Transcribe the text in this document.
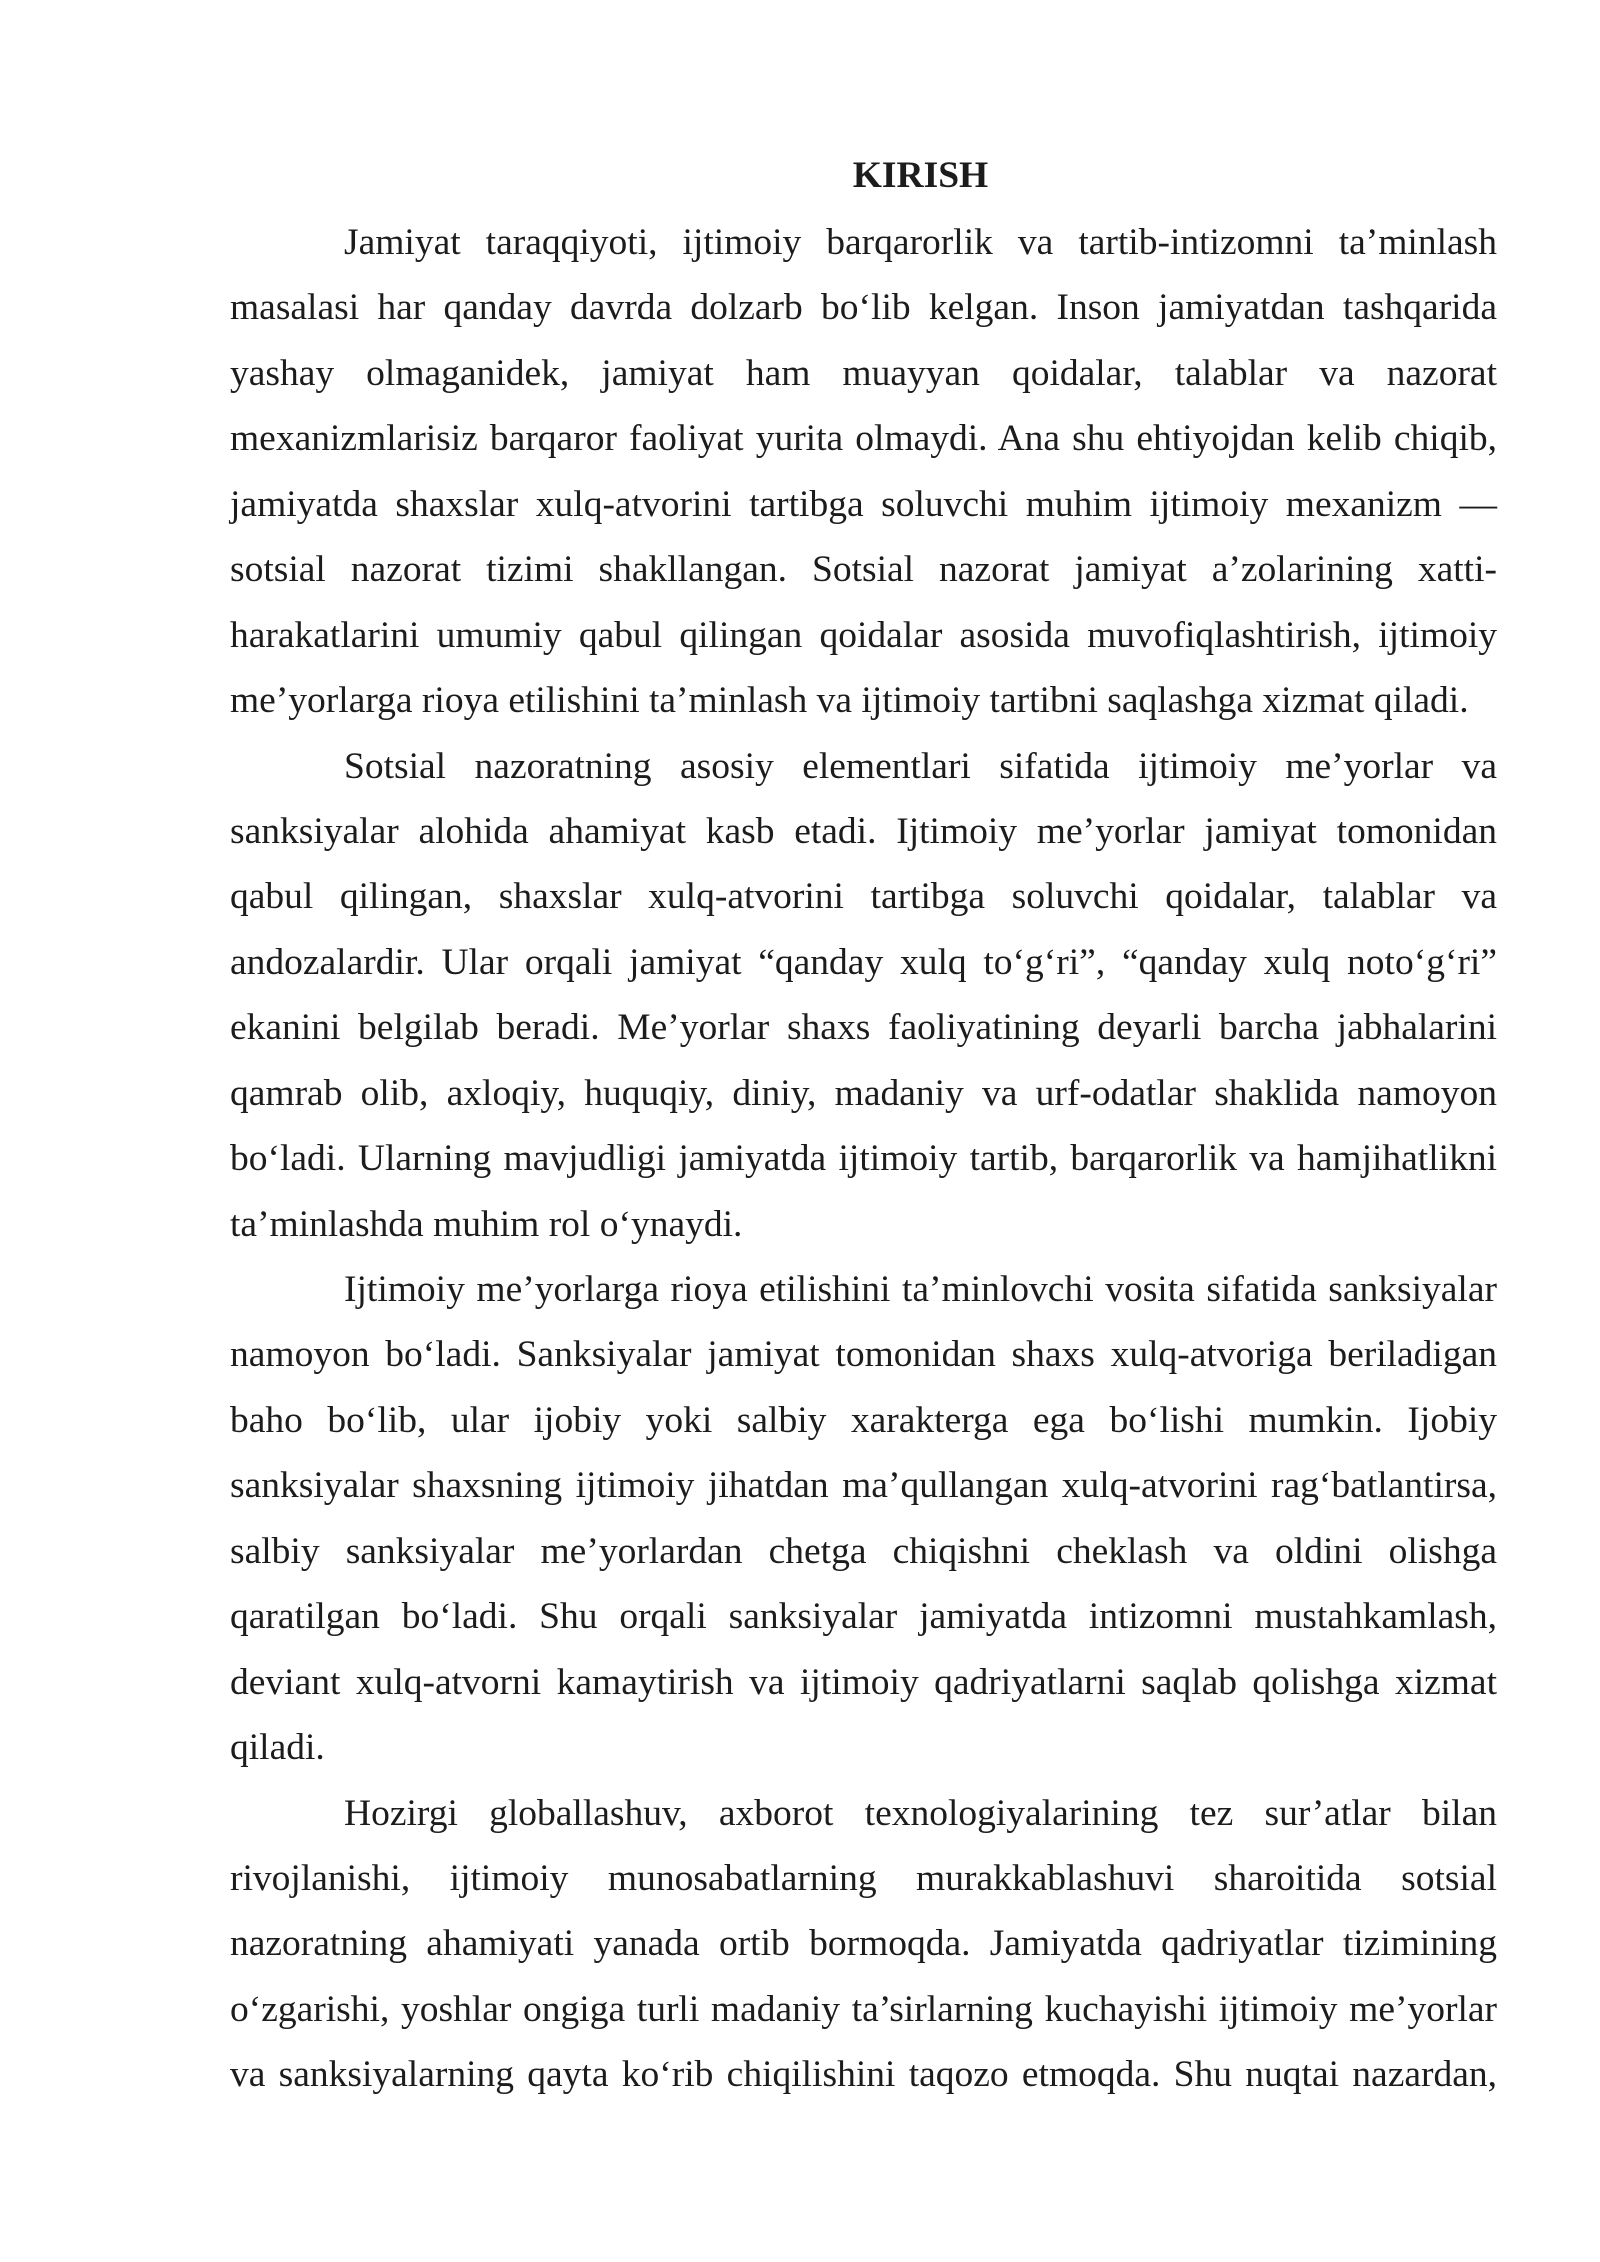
KIRISH
Jamiyat taraqqiyoti, ijtimoiy barqarorlik va tartib-intizomni ta’minlash
masalasi har qanday davrda dolzarb bo‘lib kelgan. Inson jamiyatdan tashqarida
yashay olmaganidek, jamiyat ham muayyan qoidalar, talablar va nazorat
mexanizmlarisiz barqaror faoliyat yurita olmaydi. Ana shu ehtiyojdan kelib chiqib,
jamiyatda shaxslar xulq-atvorini tartibga soluvchi muhim ijtimoiy mexanizm —
sotsial nazorat tizimi shakllangan. Sotsial nazorat jamiyat a’zolarining xatti-
harakatlarini umumiy qabul qilingan qoidalar asosida muvofiqlashtirish, ijtimoiy
me’yorlarga rioya etilishini ta’minlash va ijtimoiy tartibni saqlashga xizmat qiladi.
Sotsial nazoratning asosiy elementlari sifatida ijtimoiy me’yorlar va
sanksiyalar alohida ahamiyat kasb etadi. Ijtimoiy me’yorlar jamiyat tomonidan
qabul qilingan, shaxslar xulq-atvorini tartibga soluvchi qoidalar, talablar va
andozalardir. Ular orqali jamiyat “qanday xulq to‘g‘ri”, “qanday xulq noto‘g‘ri”
ekanini belgilab beradi. Me’yorlar shaxs faoliyatining deyarli barcha jabhalarini
qamrab olib, axloqiy, huquqiy, diniy, madaniy va urf-odatlar shaklida namoyon
bo‘ladi. Ularning mavjudligi jamiyatda ijtimoiy tartib, barqarorlik va hamjihatlikni
ta’minlashda muhim rol o‘ynaydi.
Ijtimoiy me’yorlarga rioya etilishini ta’minlovchi vosita sifatida sanksiyalar
namoyon bo‘ladi. Sanksiyalar jamiyat tomonidan shaxs xulq-atvoriga beriladigan
baho bo‘lib, ular ijobiy yoki salbiy xarakterga ega bo‘lishi mumkin. Ijobiy
sanksiyalar shaxsning ijtimoiy jihatdan ma’qullangan xulq-atvorini rag‘batlantirsa,
salbiy sanksiyalar me’yorlardan chetga chiqishni cheklash va oldini olishga
qaratilgan bo‘ladi. Shu orqali sanksiyalar jamiyatda intizomni mustahkamlash,
deviant xulq-atvorni kamaytirish va ijtimoiy qadriyatlarni saqlab qolishga xizmat
qiladi.
Hozirgi globallashuv, axborot texnologiyalarining tez sur’atlar bilan
rivojlanishi, ijtimoiy munosabatlarning murakkablashuvi sharoitida sotsial
nazoratning ahamiyati yanada ortib bormoqda. Jamiyatda qadriyatlar tizimining
o‘zgarishi, yoshlar ongiga turli madaniy ta’sirlarning kuchayishi ijtimoiy me’yorlar
va sanksiyalarning qayta ko‘rib chiqilishini taqozo etmoqda. Shu nuqtai nazardan,
